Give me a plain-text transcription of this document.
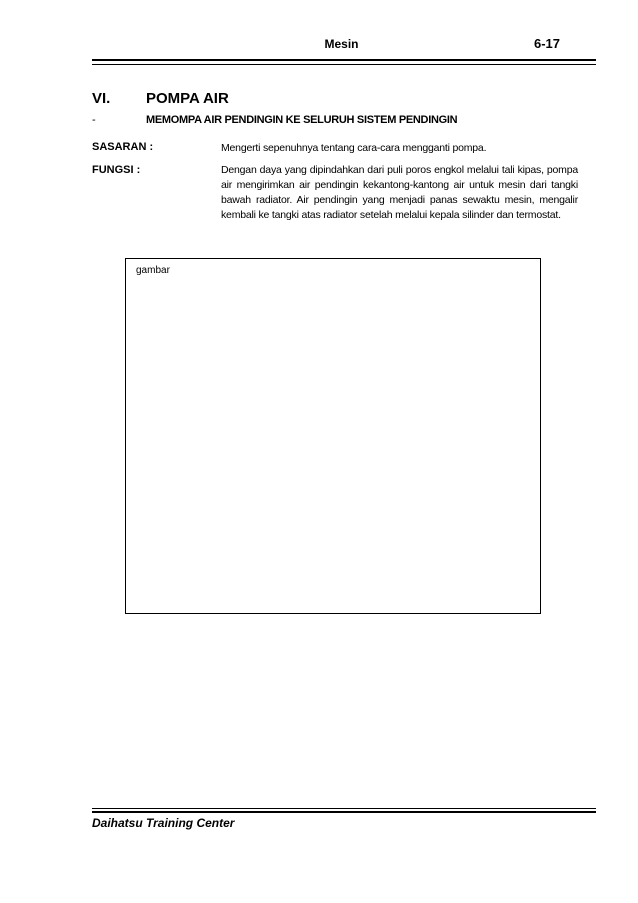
Mesin	6-17
VI. POMPA AIR
-	MEMOMPA AIR PENDINGIN KE SELURUH SISTEM PENDINGIN
SASARAN :	Mengerti sepenuhnya tentang cara-cara mengganti pompa.
FUNGSI :	Dengan daya yang dipindahkan dari puli poros engkol melalui tali kipas, pompa air mengirimkan air pendingin kekantong-kantong air untuk mesin dari tangki bawah radiator. Air pendingin yang menjadi panas sewaktu mesin, mengalir kembali ke tangki atas radiator setelah melalui kepala silinder dan termostat.
gambar
Daihatsu Training Center
